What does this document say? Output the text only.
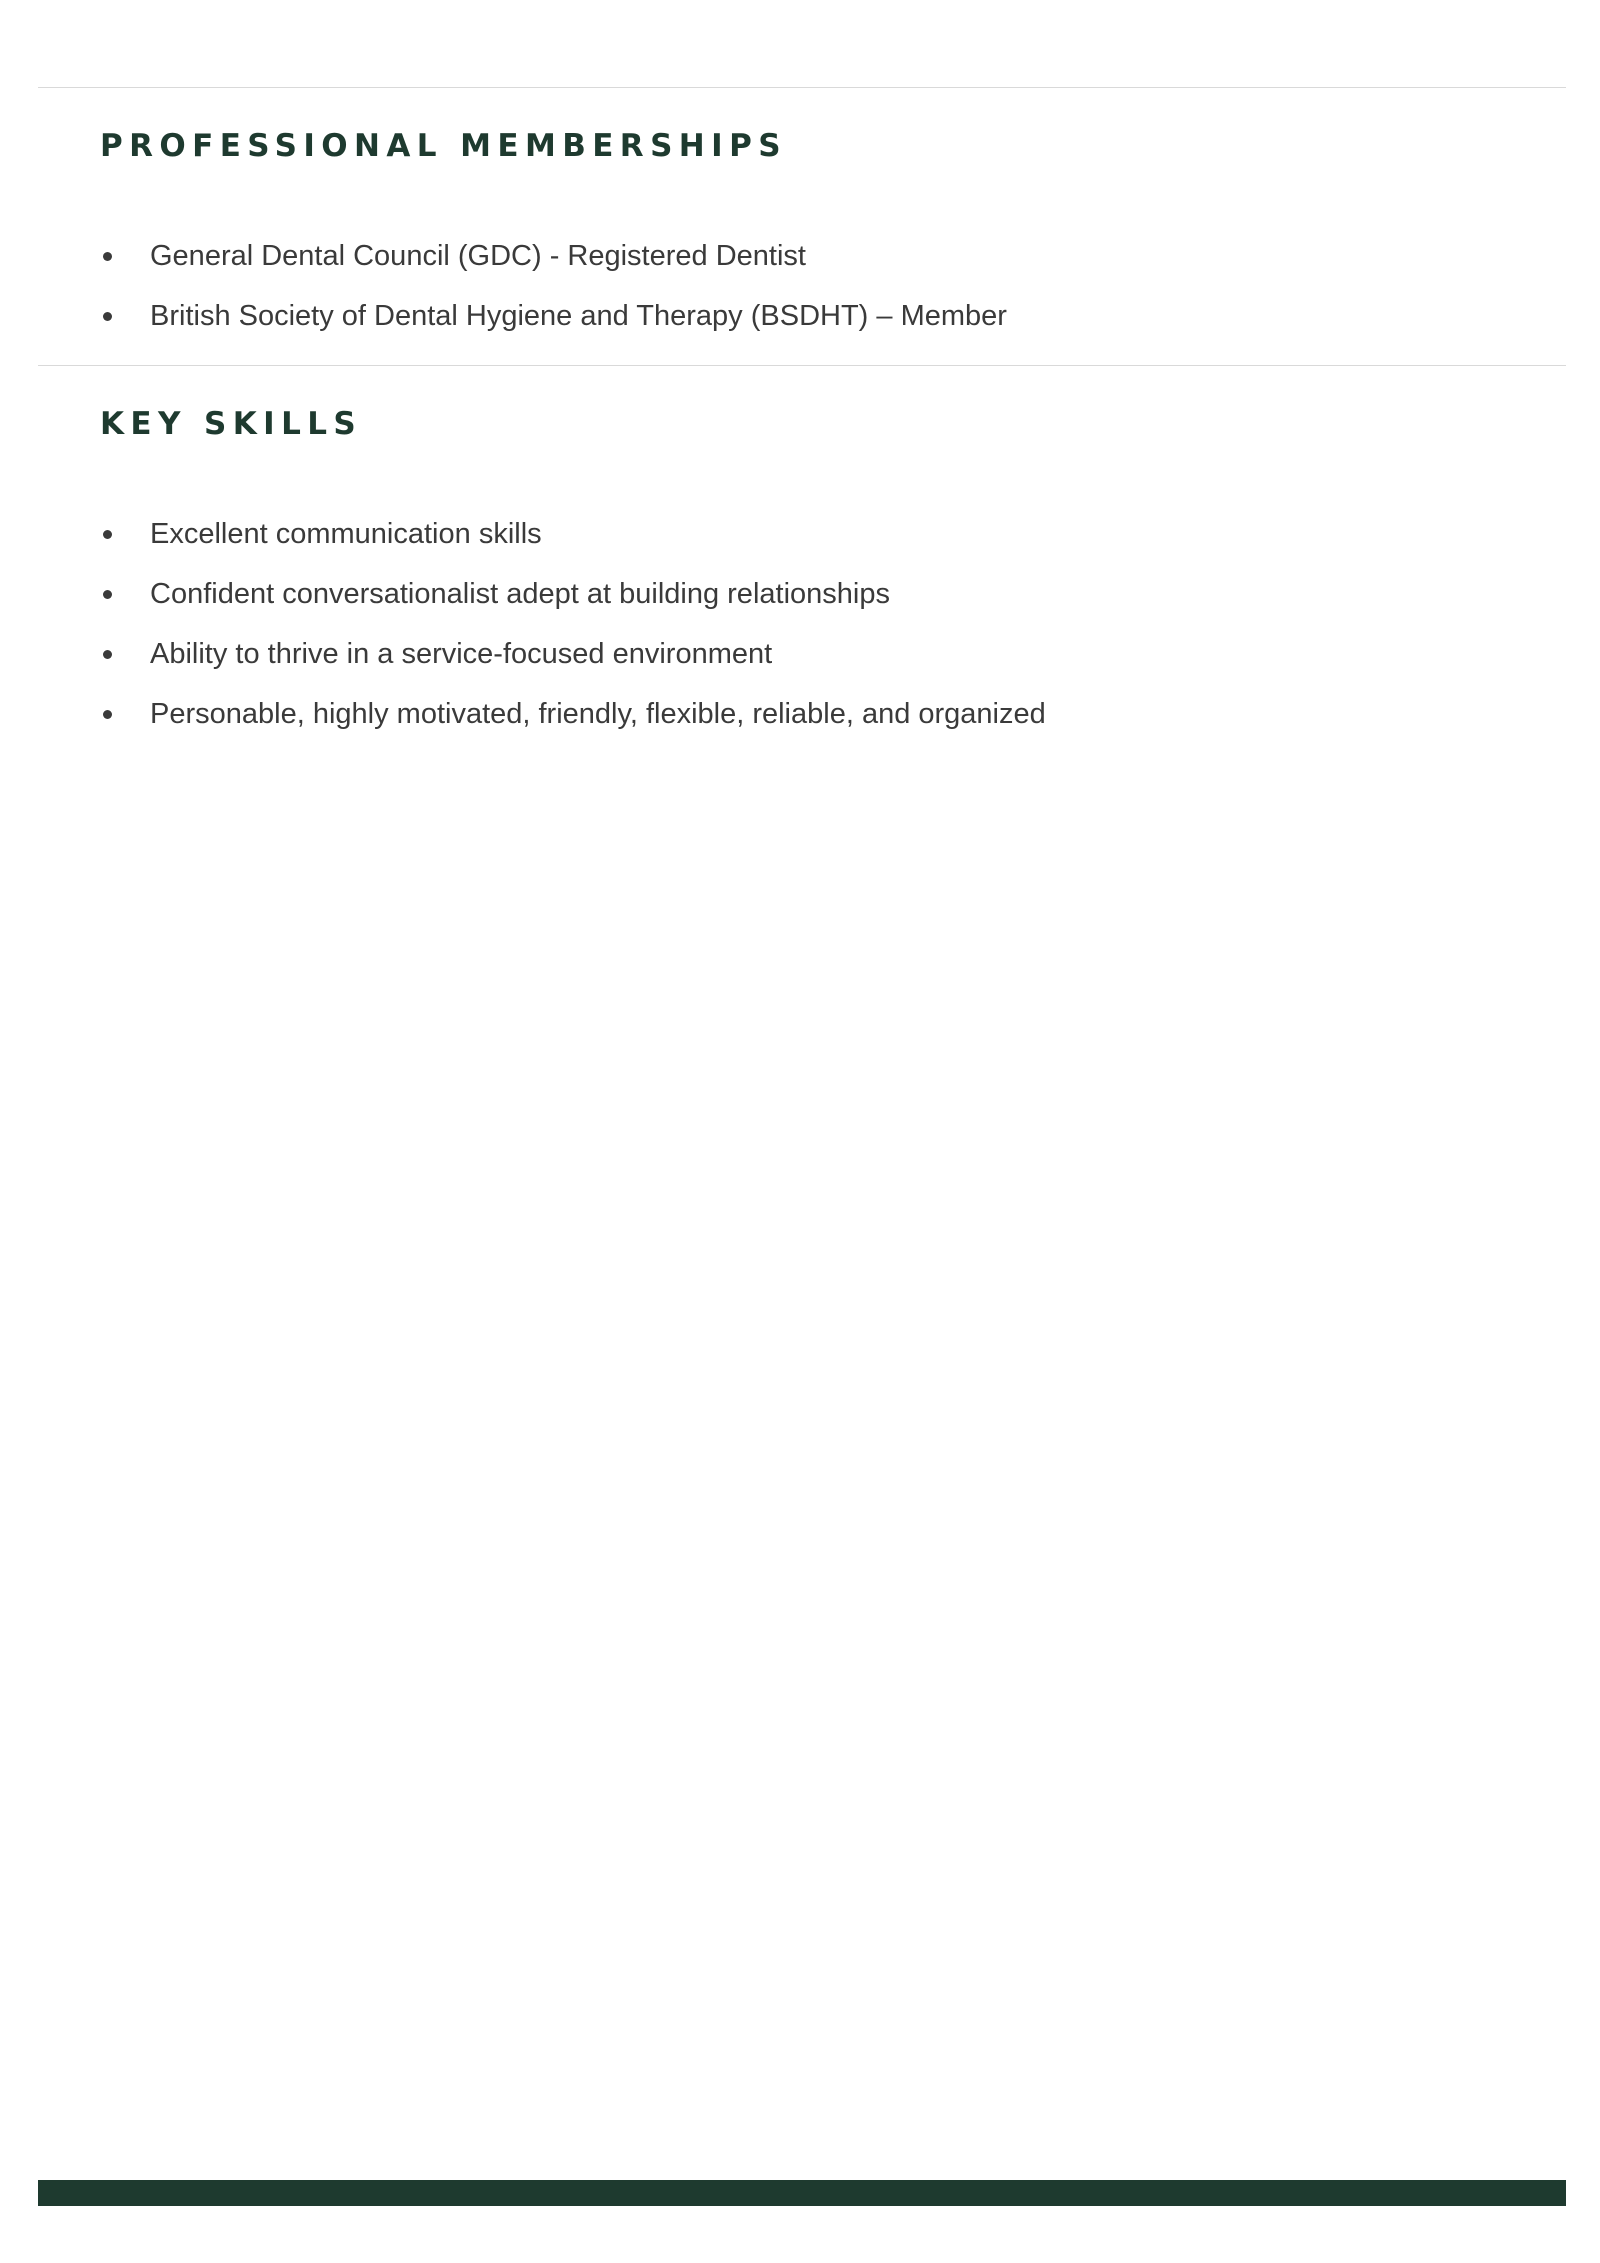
PROFESSIONAL MEMBERSHIPS
General Dental Council (GDC) - Registered Dentist
British Society of Dental Hygiene and Therapy (BSDHT) – Member
KEY SKILLS
Excellent communication skills
Confident conversationalist adept at building relationships
Ability to thrive in a service-focused environment
Personable, highly motivated, friendly, flexible, reliable, and organized
